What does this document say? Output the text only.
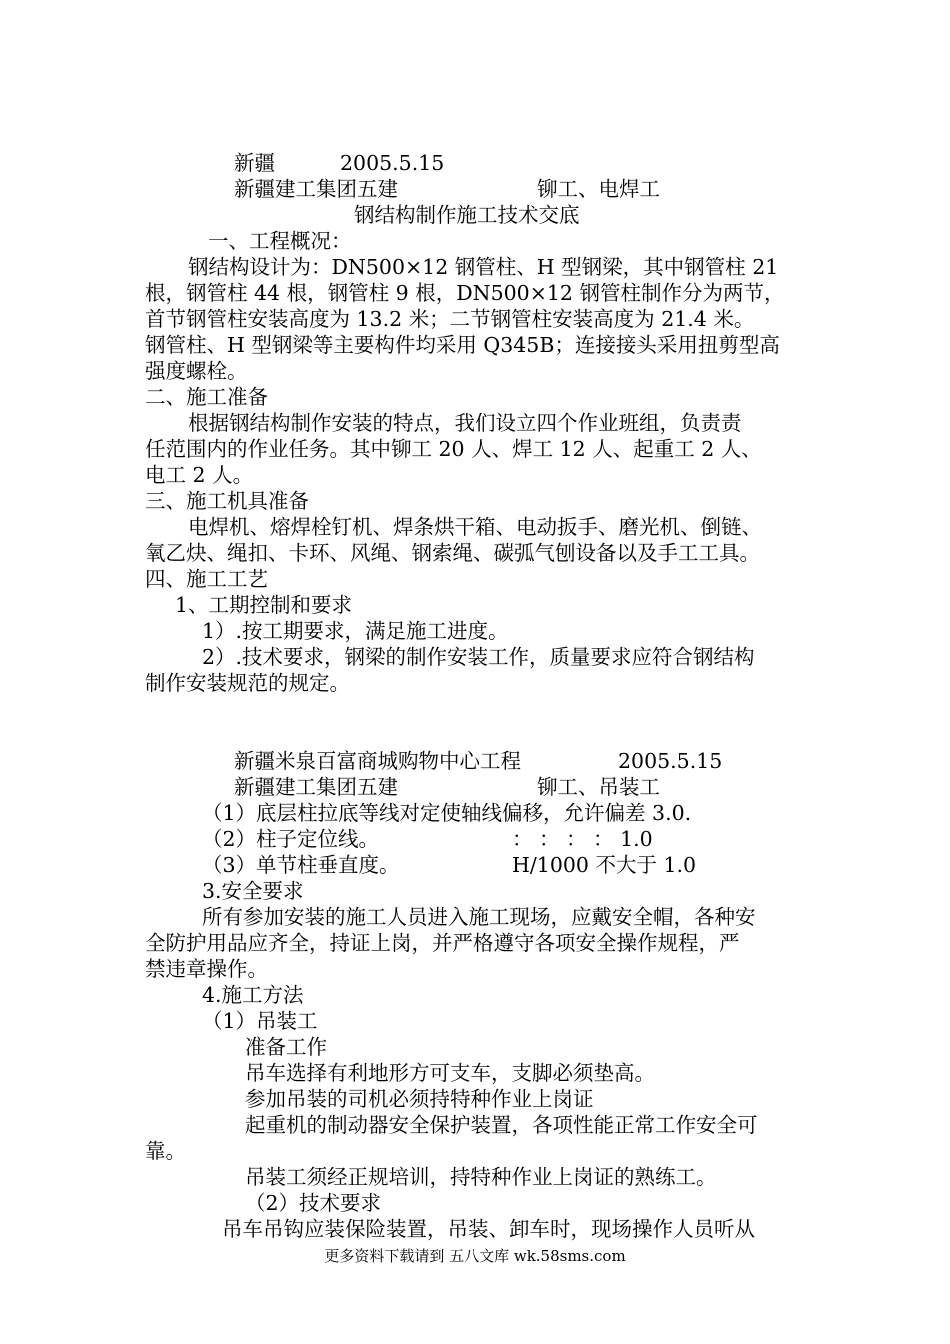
新疆	2005.5.15
新疆建工集团五建	铆工、电焊工
钢结构制作施工技术交底
一、工程概况：
钢结构设计为：DN500×12 钢管柱、H 型钢梁，其中钢管柱 21
根，钢管柱 44 根，钢管柱 9 根，DN500×12 钢管柱制作分为两节，
首节钢管柱安装高度为 13.2 米；二节钢管柱安装高度为 21.4 米。
钢管柱、H 型钢梁等主要构件均采用 Q345B；连接接头采用扭剪型高
强度螺栓。
二、施工准备
根据钢结构制作安装的特点，我们设立四个作业班组，负责责
任范围内的作业任务。其中铆工 20 人、焊工 12 人、起重工 2 人、
电工 2 人。
三、施工机具准备
电焊机、熔焊栓钉机、焊条烘干箱、电动扳手、磨光机、倒链、
氧乙炔、绳扣、卡环、风绳、钢索绳、碳弧气刨设备以及手工工具。
四、施工工艺
1、工期控制和要求
1）.按工期要求，满足施工进度。
2）.技术要求，钢梁的制作安装工作，质量要求应符合钢结构
制作安装规范的规定。
新疆米泉百富商城购物中心工程	2005.5.15
新疆建工集团五建	铆工、吊装工
（1）底层柱拉底等线对定使轴线偏移，允许偏差 3.0.
（2）柱子定位线。	： ： ： ： 1.0
（3）单节柱垂直度。	H/1000 不大于 1.0
3.安全要求
所有参加安装的施工人员进入施工现场，应戴安全帽，各种安
全防护用品应齐全，持证上岗，并严格遵守各项安全操作规程，严
禁违章操作。
4.施工方法
（1）吊装工
准备工作
吊车选择有利地形方可支车，支脚必须垫高。
参加吊装的司机必须持特种作业上岗证
起重机的制动器安全保护装置，各项性能正常工作安全可
靠。
吊装工须经正规培训，持特种作业上岗证的熟练工。
（2）技术要求
吊车吊钩应装保险装置，吊装、卸车时，现场操作人员听从
更多资料下载请到 五八文库 wk.58sms.com
